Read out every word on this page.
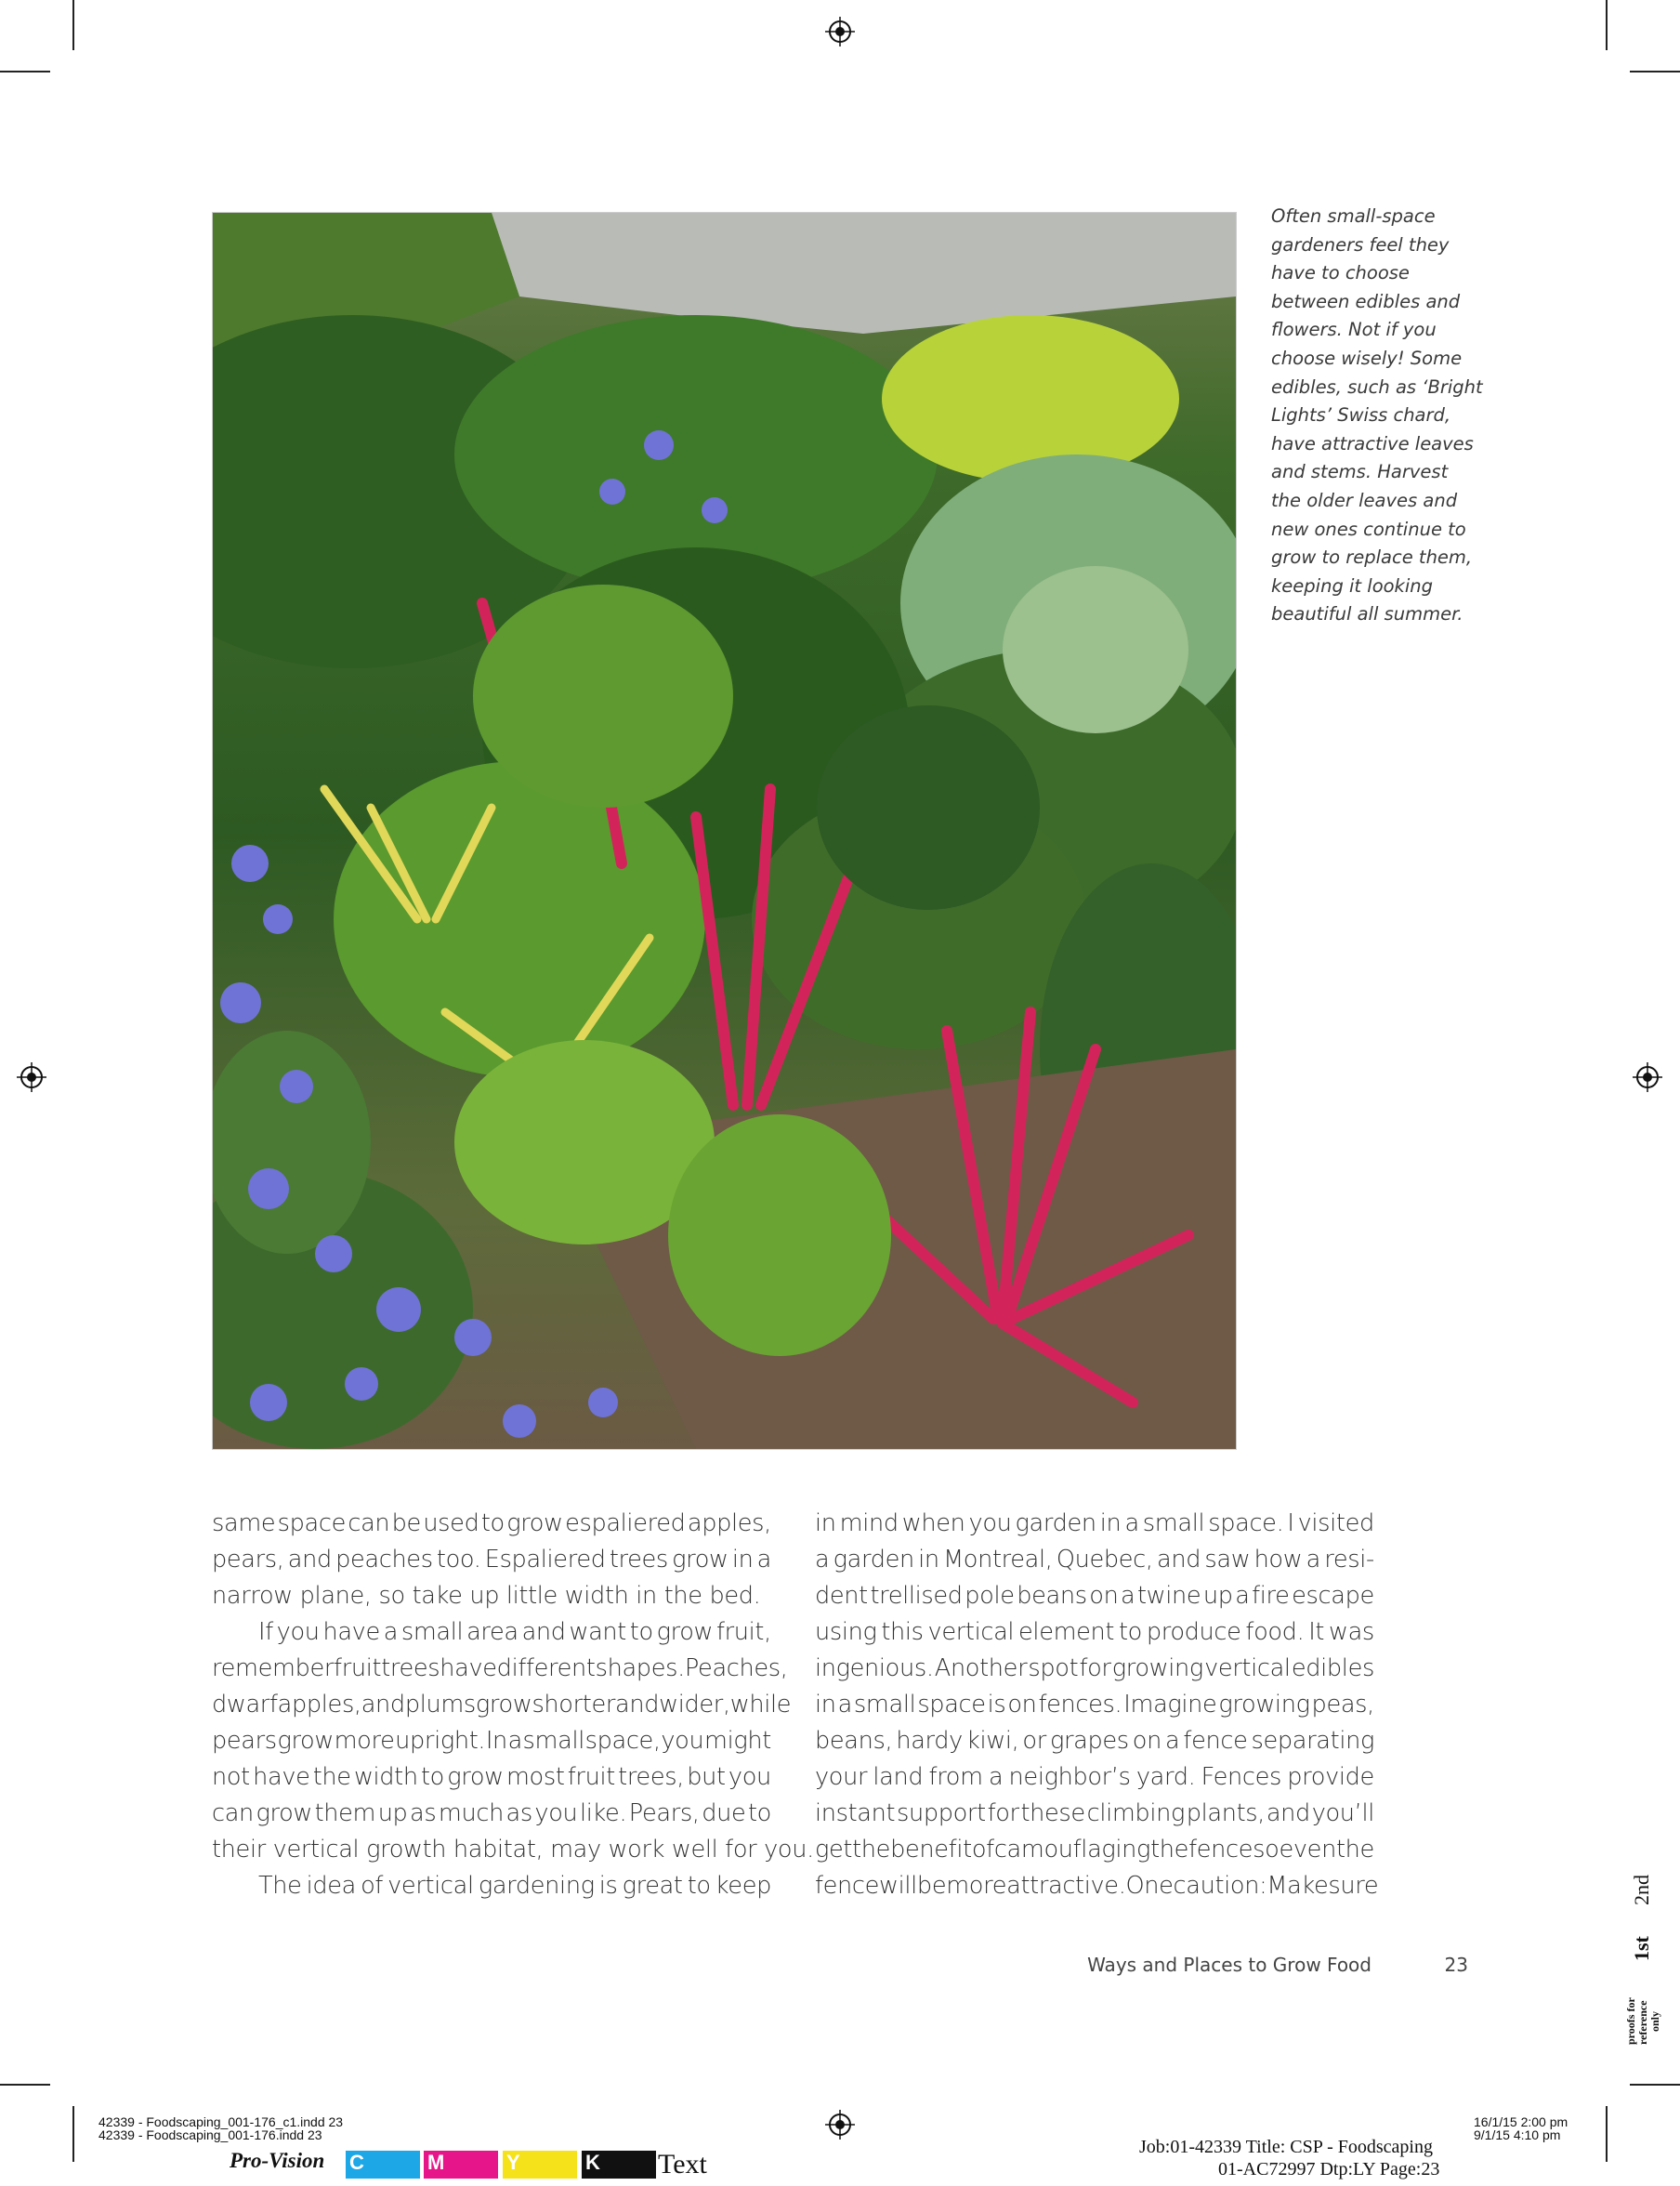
Often small-space
gardeners feel they
have to choose
between edibles and
flowers. Not if you
choose wisely! Some
edibles, such as ‘Bright
Lights’ Swiss chard,
have attractive leaves
and stems. Harvest
the older leaves and
new ones continue to
grow to replace them,
keeping it looking
beautiful all summer.
same space can be used to grow espaliered apples,
pears, and peaches too. Espaliered trees grow in a
narrow plane, so take up little width in the bed.
If you have a small area and want to grow fruit,
remember fruit trees have different shapes. Peaches,
dwarf apples, and plums grow shorter and wider, while
pears grow more upright. In a small space, you might
not have the width to grow most fruit trees, but you
can grow them up as much as you like. Pears, due to
their vertical growth habitat, may work well for you.
The idea of vertical gardening is great to keep
in mind when you garden in a small space. I visited
a garden in Montreal, Quebec, and saw how a resi-
dent trellised pole beans on a twine up a fire escape
using this vertical element to produce food. It was
ingenious. Another spot for growing vertical edibles
in a small space is on fences. Imagine growing peas,
beans, hardy kiwi, or grapes on a fence separating
your land from a neighbor’s yard. Fences provide
instant support for these climbing plants, and you’ll
get the benefit of camouflaging the fence so even the
fence will be more attractive. One caution: Make sure
Ways and Places to Grow Food	23
proofs for reference only
1st
2nd
42339 - Foodscaping_001-176_c1.indd 23
42339 - Foodscaping_001-176.indd 23
16/1/15 2:00 pm
9/1/15 4:10 pm
Job:01-42339 Title: CSP - Foodscaping
01-AC72997 Dtp:LY Page:23
Pro-Vision C	M	Y	K Text
